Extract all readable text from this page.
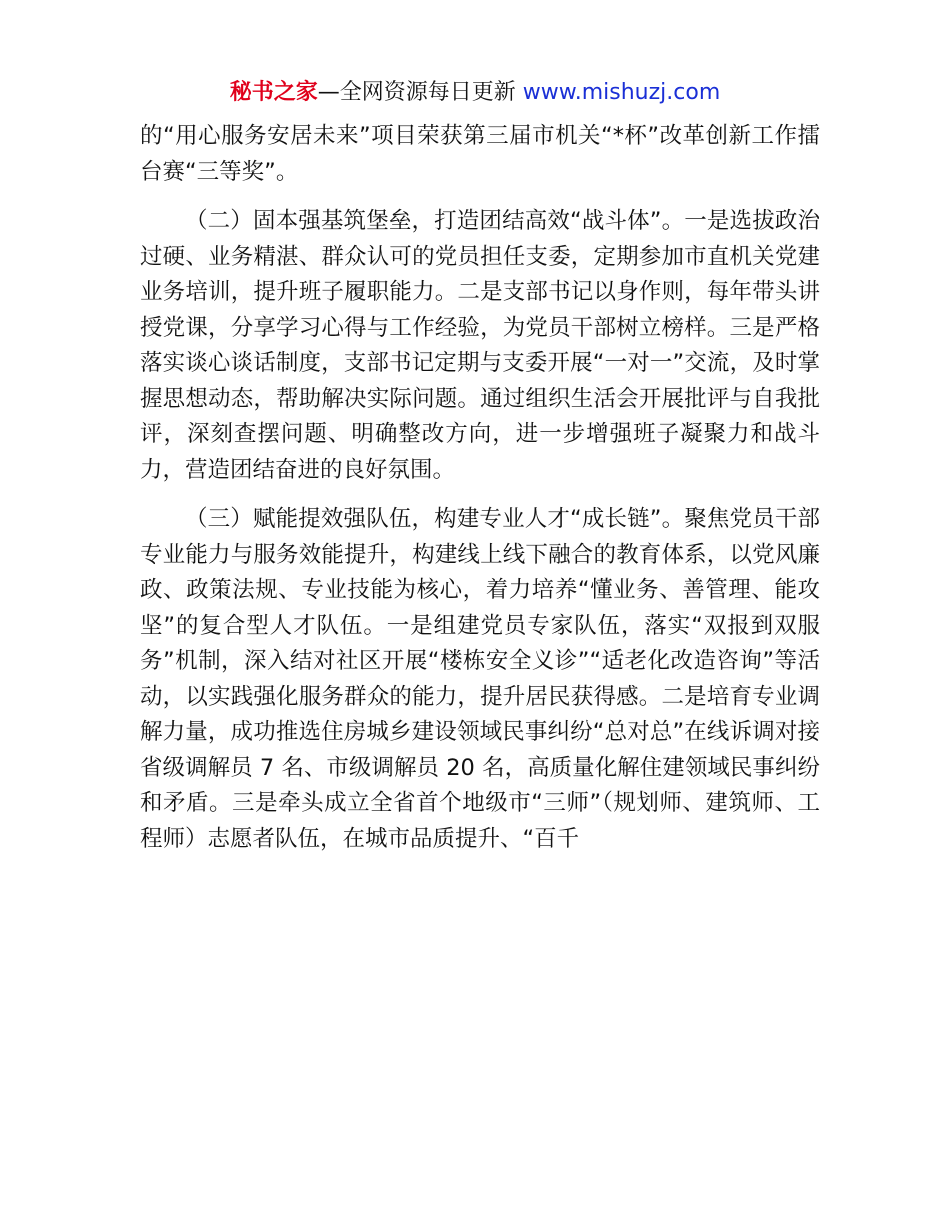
秘书之家—全网资源每日更新 www.mishuzj.com

的“用心服务安居未来”项目荣获第三届市机关“*杯”改革创新工作擂台赛“三等奖”。

（二）固本强基筑堡垒，打造团结高效“战斗体”。一是选拔政治过硬、业务精湛、群众认可的党员担任支委，定期参加市直机关党建业务培训，提升班子履职能力。二是支部书记以身作则，每年带头讲授党课，分享学习心得与工作经验，为党员干部树立榜样。三是严格落实谈心谈话制度，支部书记定期与支委开展“一对一”交流，及时掌握思想动态，帮助解决实际问题。通过组织生活会开展批评与自我批评，深刻查摆问题、明确整改方向，进一步增强班子凝聚力和战斗力，营造团结奋进的良好氛围。

（三）赋能提效强队伍，构建专业人才“成长链”。聚焦党员干部专业能力与服务效能提升，构建线上线下融合的教育体系，以党风廉政、政策法规、专业技能为核心，着力培养“懂业务、善管理、能攻坚”的复合型人才队伍。一是组建党员专家队伍，落实“双报到双服务”机制，深入结对社区开展“楼栋安全义诊”“适老化改造咨询”等活动，以实践强化服务群众的能力，提升居民获得感。二是培育专业调解力量，成功推选住房城乡建设领域民事纠纷“总对总”在线诉调对接省级调解员 7 名、市级调解员 20 名，高质量化解住建领域民事纠纷和矛盾。三是牵头成立全省首个地级市“三师”（规划师、建筑师、工程师）志愿者队伍，在城市品质提升、“百千
